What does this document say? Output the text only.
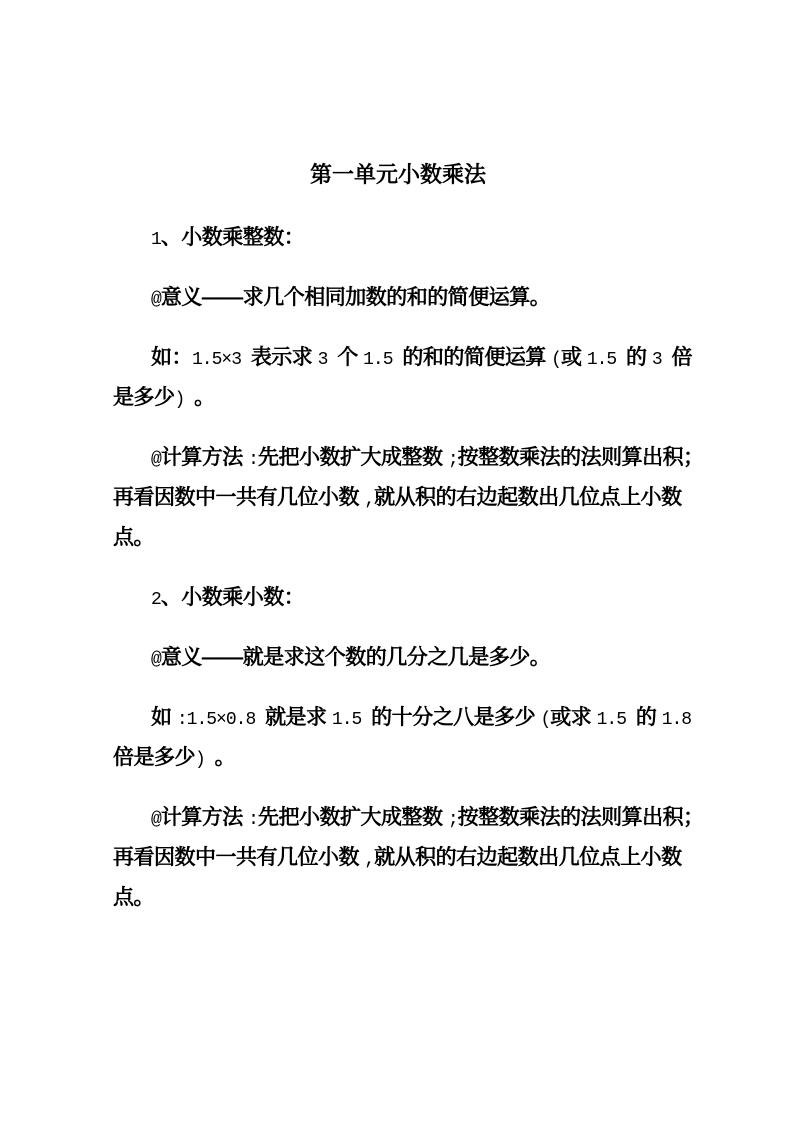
第一单元小数乘法
1、小数乘整数：
@意义——求几个相同加数的和的简便运算。
如：1.5×3 表示求 3 个 1.5 的和的简便运算 (或 1.5 的 3 倍
是多少) 。
@计算方法 :先把小数扩大成整数 ;按整数乘法的法则算出积；
再看因数中一共有几位小数 ,就从积的右边起数出几位点上小数
点。
2、小数乘小数：
@意义——就是求这个数的几分之几是多少。
如 :1.5×0.8 就是求 1.5 的十分之八是多少 (或求 1.5 的 1.8
倍是多少) 。
@计算方法 :先把小数扩大成整数 ;按整数乘法的法则算出积；
再看因数中一共有几位小数 ,就从积的右边起数出几位点上小数
点。
